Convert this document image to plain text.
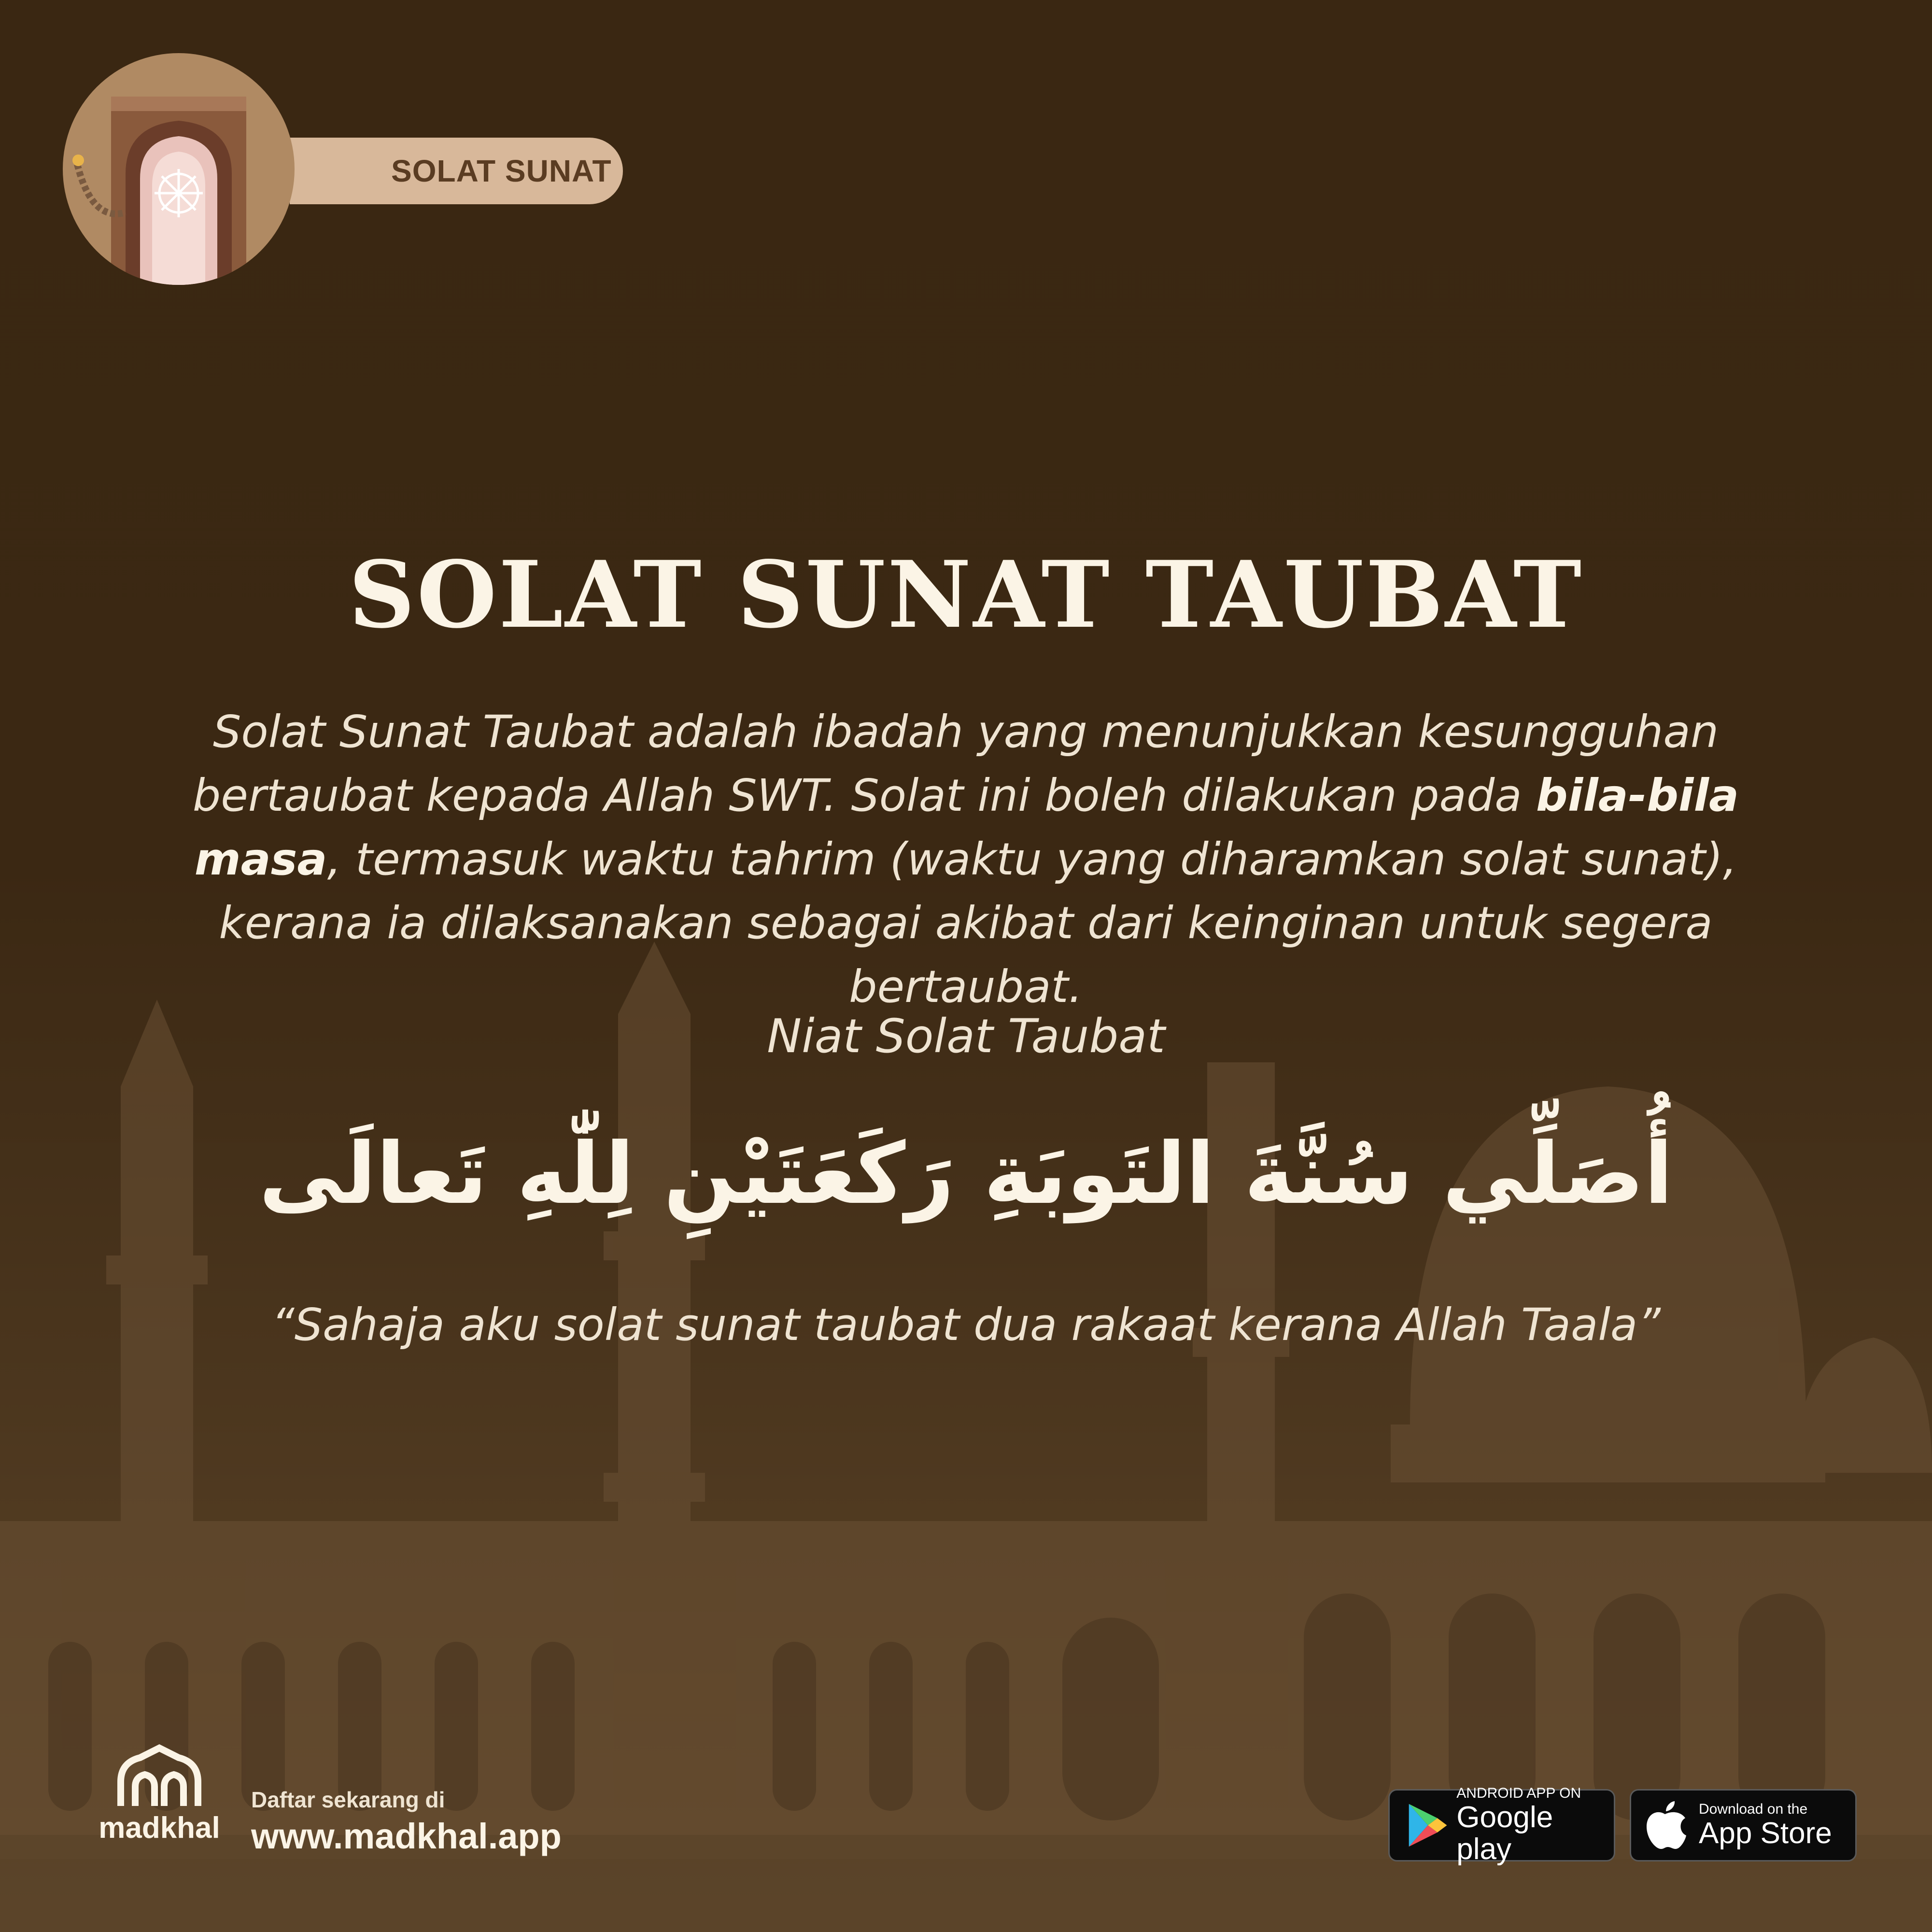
SOLAT SUNAT
SOLAT SUNAT TAUBAT
Solat Sunat Taubat adalah ibadah yang menunjukkan kesungguhan bertaubat kepada Allah SWT. Solat ini boleh dilakukan pada bila-bila masa, termasuk waktu tahrim (waktu yang diharamkan solat sunat), kerana ia dilaksanakan sebagai akibat dari keinginan untuk segera bertaubat.
Niat Solat Taubat
أُصَلِّي سُنَّةَ التَوبَةِ رَكَعَتَيْنِ لِلّٰهِ تَعالَى
“Sahaja aku solat sunat taubat dua rakaat kerana Allah Taala”
madkhal
Daftar sekarang di
www.madkhal.app
ANDROID APP ON
Google play
Download on the
App Store
